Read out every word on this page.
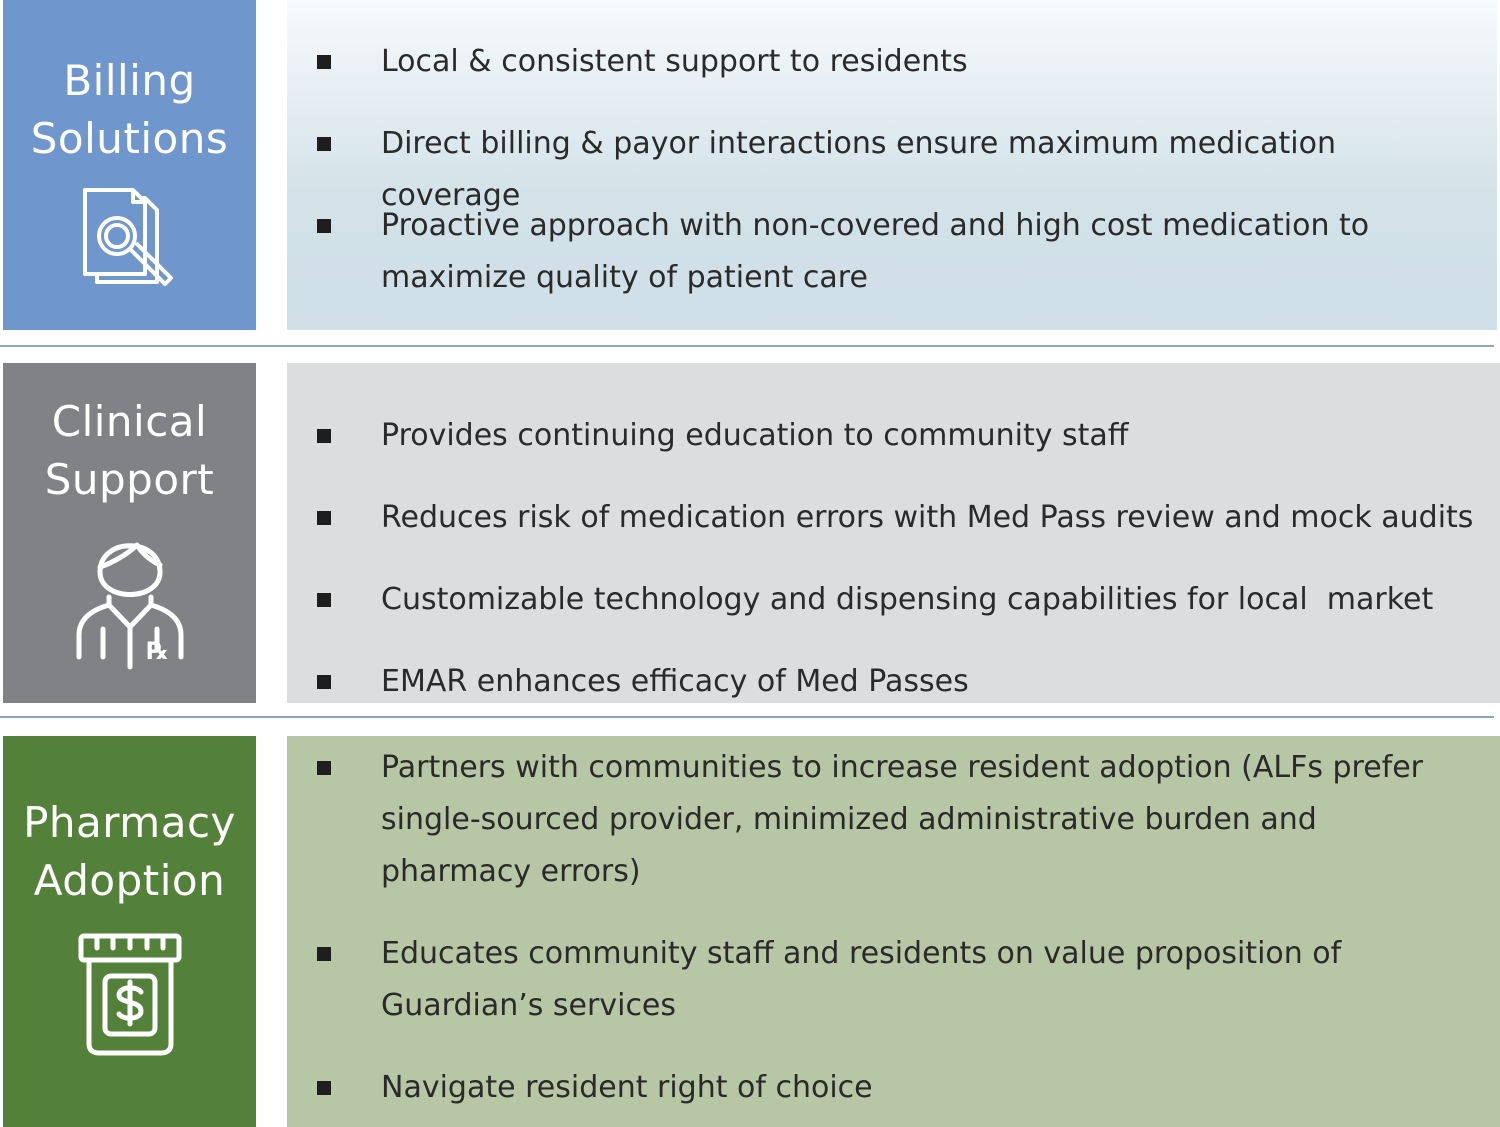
Billing
Solutions
Local & consistent support to residents
Direct billing & payor interactions ensure maximum medication coverage
Proactive approach with non-covered and high cost medication to maximize quality of patient care
Clinical
Support
℞
Provides continuing education to community staff
Reduces risk of medication errors with Med Pass review and mock audits
Customizable technology and dispensing capabilities for local  market
EMAR enhances efficacy of Med Passes
Pharmacy
Adoption
Partners with communities to increase resident adoption (ALFs prefer single-sourced provider, minimized administrative burden and pharmacy errors)
Educates community staff and residents on value proposition of Guardian’s services
Navigate resident right of choice
